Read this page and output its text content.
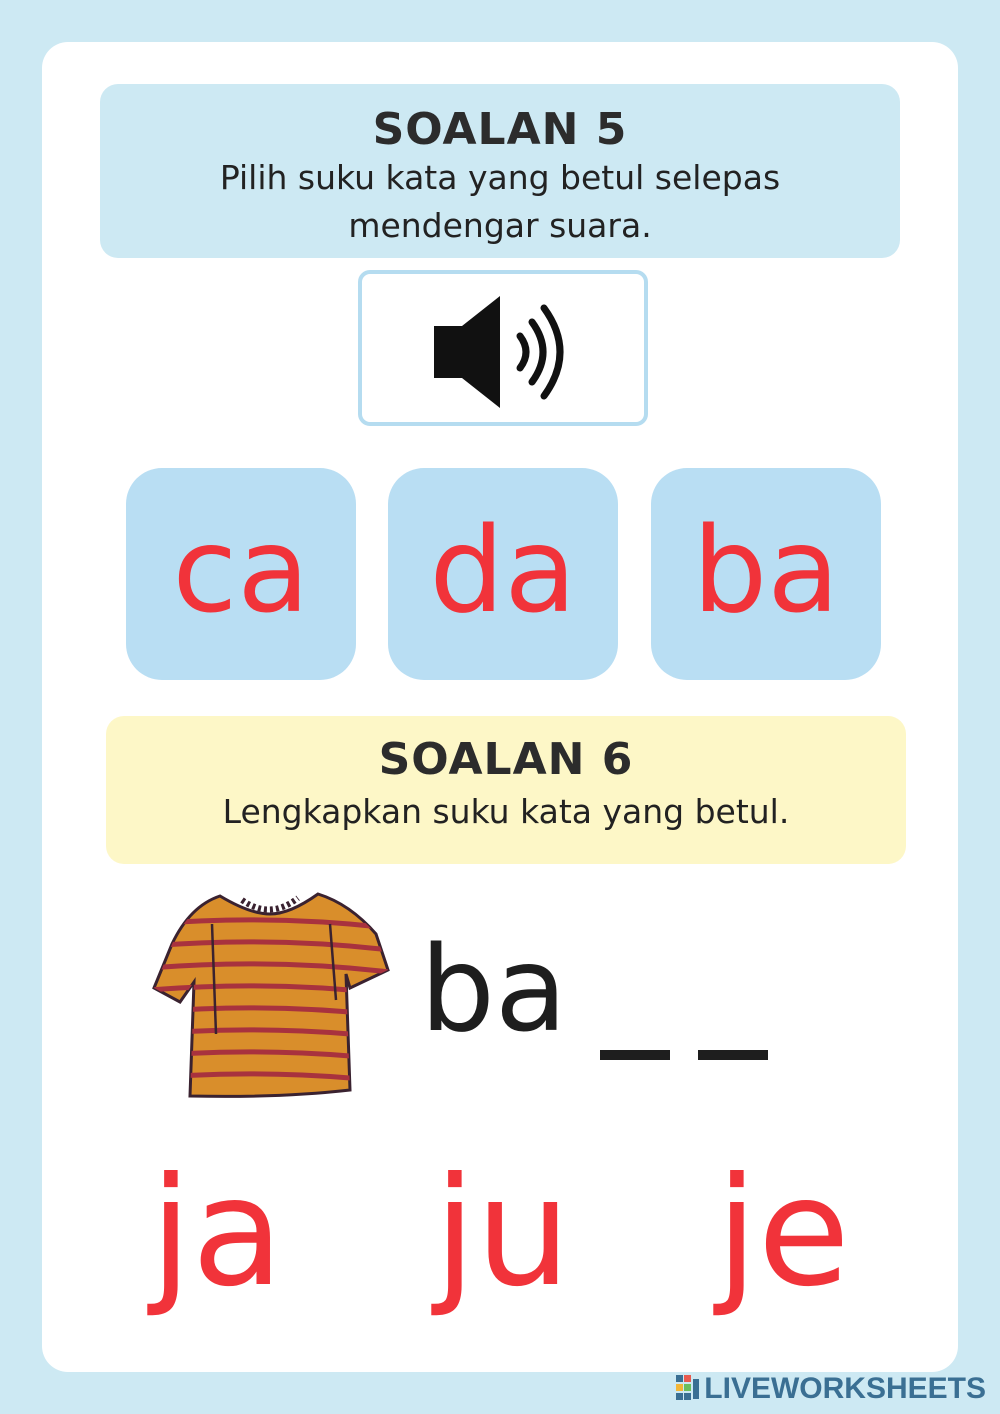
SOALAN 5
Pilih suku kata yang betul selepas mendengar suara.
ca da ba
SOALAN 6
Lengkapkan suku kata yang betul.
ba
ja ju je
LIVEWORKSHEETS
